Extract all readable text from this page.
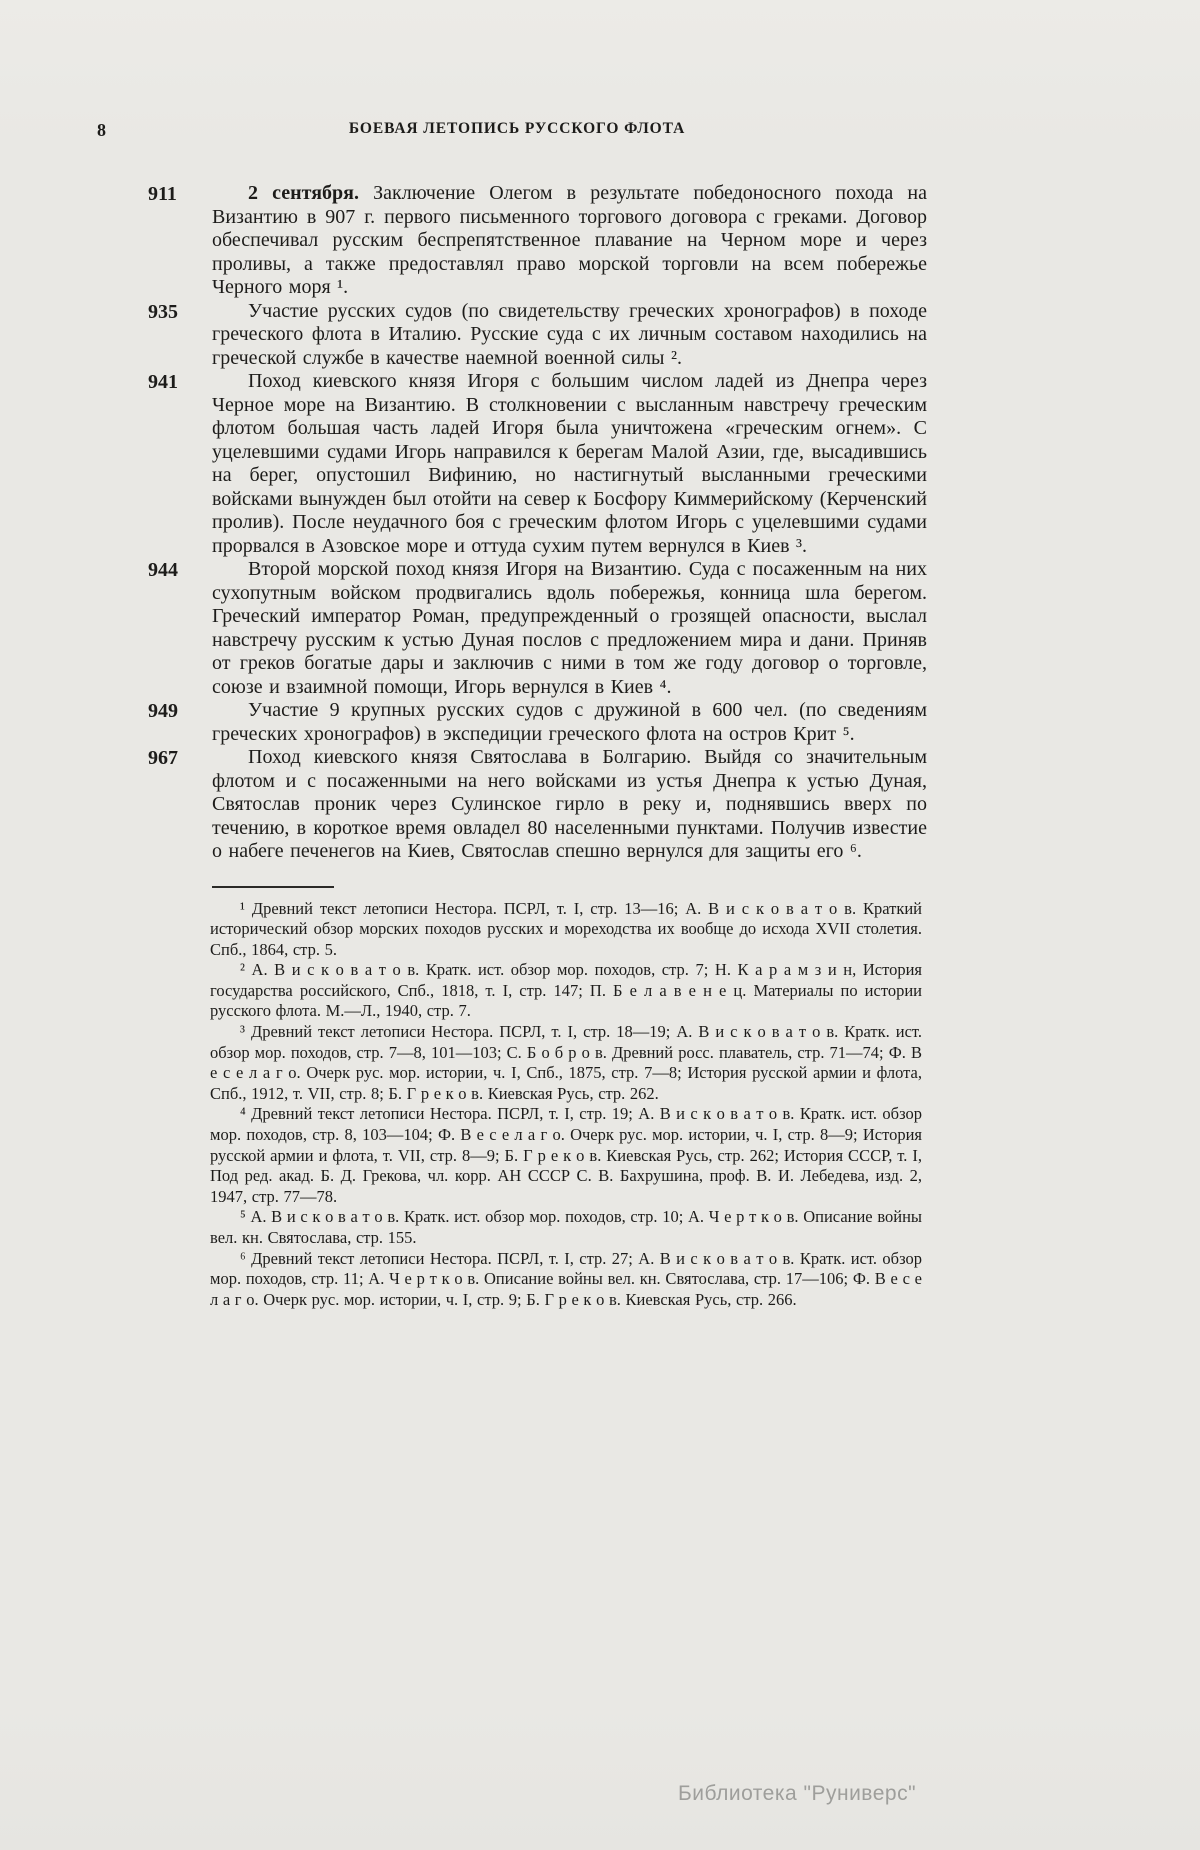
8	БОЕВАЯ ЛЕТОПИСЬ РУССКОГО ФЛОТА
911	2 сентября. Заключение Олегом в результате победоносного похода на Византию в 907 г. первого письменного торгового договора с греками. Договор обеспечивал русским беспрепятственное плавание на Черном море и через проливы, а также предоставлял право морской торговли на всем побережье Черного моря ¹.

935	Участие русских судов (по свидетельству греческих хронографов) в походе греческого флота в Италию. Русские суда с их личным составом находились на греческой службе в качестве наемной военной силы ².

941	Поход киевского князя Игоря с большим числом ладей из Днепра через Черное море на Византию. В столкновении с высланным навстречу греческим флотом большая часть ладей Игоря была уничтожена «греческим огнем». С уцелевшими судами Игорь направился к берегам Малой Азии, где, высадившись на берег, опустошил Вифинию, но настигнутый высланными греческими войсками вынужден был отойти на север к Босфору Киммерийскому (Керченский пролив). После неудачного боя с греческим флотом Игорь с уцелевшими судами прорвался в Азовское море и оттуда сухим путем вернулся в Киев ³.

944	Второй морской поход князя Игоря на Византию. Суда с посаженным на них сухопутным войском продвигались вдоль побережья, конница шла берегом. Греческий император Роман, предупрежденный о грозящей опасности, выслал навстречу русским к устью Дуная послов с предложением мира и дани. Приняв от греков богатые дары и заключив с ними в том же году договор о торговле, союзе и взаимной помощи, Игорь вернулся в Киев ⁴.

949	Участие 9 крупных русских судов с дружиной в 600 чел. (по сведениям греческих хронографов) в экспедиции греческого флота на остров Крит ⁵.

967	Поход киевского князя Святослава в Болгарию. Выйдя со значительным флотом и с посаженными на него войсками из устья Днепра к устью Дуная, Святослав проник через Сулинское гирло в реку и, поднявшись вверх по течению, в короткое время овладел 80 населенными пунктами. Получив известие о набеге печенегов на Киев, Святослав спешно вернулся для защиты его ⁶.

¹ Древний текст летописи Нестора. ПСРЛ, т. I, стр. 13—16; А. В и с к о в а т о в. Краткий исторический обзор морских походов русских и мореходства их вообще до исхода XVII столетия. Спб., 1864, стр. 5.

² А. В и с к о в а т о в. Кратк. ист. обзор мор. походов, стр. 7; Н. К а р а м з и н, История государства российского, Спб., 1818, т. I, стр. 147; П. Б е л а в е н е ц. Материалы по истории русского флота. М.—Л., 1940, стр. 7.

³ Древний текст летописи Нестора. ПСРЛ, т. I, стр. 18—19; А. В и с к о в а т о в. Кратк. ист. обзор мор. походов, стр. 7—8, 101—103; С. Б о б р о в. Древний росс. плаватель, стр. 71—74; Ф. В е с е л а г о. Очерк рус. мор. истории, ч. I, Спб., 1875, стр. 7—8; История русской армии и флота, Спб., 1912, т. VII, стр. 8; Б. Г р е к о в. Киевская Русь, стр. 262.

⁴ Древний текст летописи Нестора. ПСРЛ, т. I, стр. 19; А. В и с к о в а т о в. Кратк. ист. обзор мор. походов, стр. 8, 103—104; Ф. В е с е л а г о. Очерк рус. мор. истории, ч. I, стр. 8—9; История русской армии и флота, т. VII, стр. 8—9; Б. Г р е к о в. Киевская Русь, стр. 262; История СССР, т. I, Под ред. акад. Б. Д. Грекова, чл. корр. АН СССР С. В. Бахрушина, проф. В. И. Лебедева, изд. 2, 1947, стр. 77—78.

⁵ А. В и с к о в а т о в. Кратк. ист. обзор мор. походов, стр. 10; А. Ч е р т к о в. Описание войны вел. кн. Святослава, стр. 155.

⁶ Древний текст летописи Нестора. ПСРЛ, т. I, стр. 27; А. В и с к о в а т о в. Кратк. ист. обзор мор. походов, стр. 11; А. Ч е р т к о в. Описание войны вел. кн. Святослава, стр. 17—106; Ф. В е с е л а г о. Очерк рус. мор. истории, ч. I, стр. 9; Б. Г р е к о в. Киевская Русь, стр. 266.

Библиотека "Руниверс"
